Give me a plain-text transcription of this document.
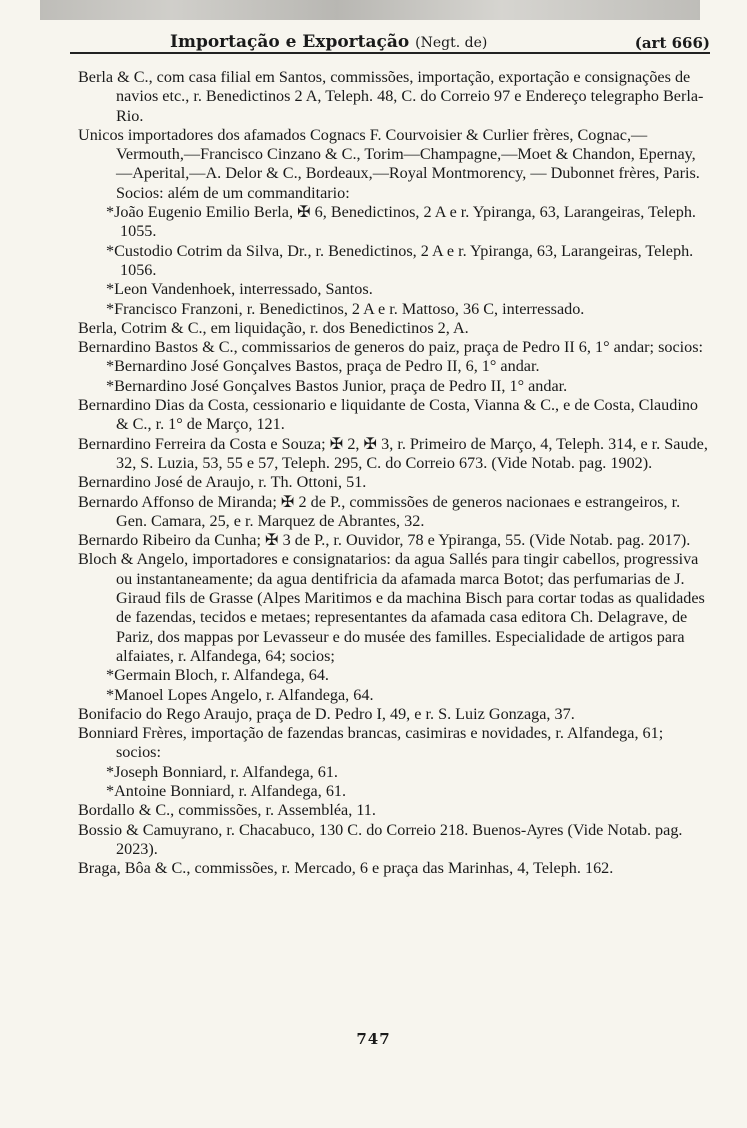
Importação e Exportação (Negt. de)	(art 666)
Berla & C., com casa filial em Santos, commissões, importação, exportação e consignações de navios etc., r. Benedictinos 2 A, Teleph. 48, C. do Correio 97 e Endereço telegrapho Berla-Rio.
Unicos importadores dos afamados Cognacs F. Courvoisier & Curlier frères, Cognac,—Vermouth,—Francisco Cinzano & C., Torim—Champagne,—Moet & Chandon, Epernay,—Aperital,—A. Delor & C., Bordeaux,—Royal Montmorency, — Dubonnet frères, Paris. Socios: além de um commanditario:
*João Eugenio Emilio Berla, ✠ 6, Benedictinos, 2 A e r. Ypiranga, 63, Larangeiras, Teleph. 1055.
*Custodio Cotrim da Silva, Dr., r. Benedictinos, 2 A e r. Ypiranga, 63, Larangeiras, Teleph. 1056.
*Leon Vandenhoek, interressado, Santos.
*Francisco Franzoni, r. Benedictinos, 2 A e r. Mattoso, 36 C, interressado.
Berla, Cotrim & C., em liquidação, r. dos Benedictinos 2, A.
Bernardino Bastos & C., commissarios de generos do paiz, praça de Pedro II 6, 1° andar; socios:
*Bernardino José Gonçalves Bastos, praça de Pedro II, 6, 1° andar.
*Bernardino José Gonçalves Bastos Junior, praça de Pedro II, 1° andar.
Bernardino Dias da Costa, cessionario e liquidante de Costa, Vianna & C., e de Costa, Claudino & C., r. 1° de Março, 121.
Bernardino Ferreira da Costa e Souza; ✠ 2, ✠ 3, r. Primeiro de Março, 4, Teleph. 314, e r. Saude, 32, S. Luzia, 53, 55 e 57, Teleph. 295, C. do Correio 673. (Vide Notab. pag. 1902).
Bernardino José de Araujo, r. Th. Ottoni, 51.
Bernardo Affonso de Miranda; ✠ 2 de P., commissões de generos nacionaes e estrangeiros, r. Gen. Camara, 25, e r. Marquez de Abrantes, 32.
Bernardo Ribeiro da Cunha; ✠ 3 de P., r. Ouvidor, 78 e Ypiranga, 55. (Vide Notab. pag. 2017).
Bloch & Angelo, importadores e consignatarios: da agua Sallés para tingir cabellos, progressiva ou instantaneamente; da agua dentifricia da afamada marca Botot; das perfumarias de J. Giraud fils de Grasse (Alpes Maritimos e da machina Bisch para cortar todas as qualidades de fazendas, tecidos e metaes; representantes da afamada casa editora Ch. Delagrave, de Pariz, dos mappas por Levasseur e do musée des familles. Especialidade de artigos para alfaiates, r. Alfandega, 64; socios;
*Germain Bloch, r. Alfandega, 64.
*Manoel Lopes Angelo, r. Alfandega, 64.
Bonifacio do Rego Araujo, praça de D. Pedro I, 49, e r. S. Luiz Gonzaga, 37.
Bonniard Frères, importação de fazendas brancas, casimiras e novidades, r. Alfandega, 61; socios:
*Joseph Bonniard, r. Alfandega, 61.
*Antoine Bonniard, r. Alfandega, 61.
Bordallo & C., commissões, r. Assembléa, 11.
Bossio & Camuyrano, r. Chacabuco, 130 C. do Correio 218. Buenos-Ayres (Vide Notab. pag. 2023).
Braga, Bôa & C., commissões, r. Mercado, 6 e praça das Marinhas, 4, Teleph. 162.
747
